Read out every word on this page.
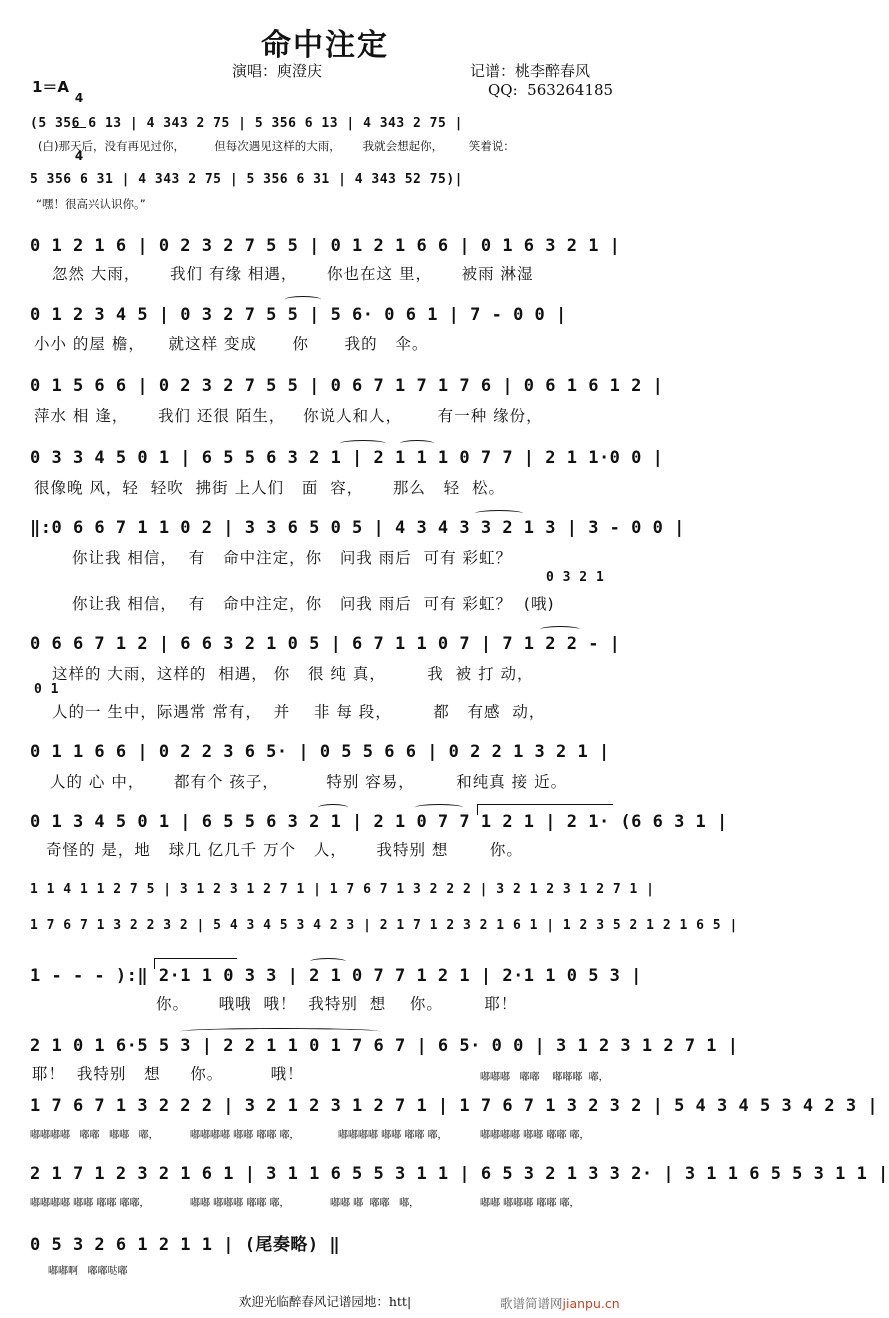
命中注定
演唱：庾澄庆	记谱：桃李醉春风
QQ:  563264185
1＝A

4

4

(5 356 6 13 | 4 343 2 75 | 5 356 6 13 | 4 343 2 75 |
(白)那天后，没有再见过你，        但每次遇见这样的大雨，      我就会想起你，       笑着说：
5 356 6 31 | 4 343 2 75 | 5 356 6 31 | 4 343 52 75)|
“嘿！很高兴认识你。”
0 1 2 1 6 | 0 2 3 2 7 5 5 | 0 1 2 1 6 6 | 0 1 6 3 2 1 |
忽然 大雨，     我们 有缘 相遇，     你也在这 里，     被雨 淋湿
0 1 2 3 4 5 | 0 3 2 7 5 5 | 5 6· 0 6 1 | 7 - 0 0 |
小小 的屋 檐，    就这样 变成      你      我的   伞。
0 1 5 6 6 | 0 2 3 2 7 5 5 | 0 6 7 1 7 1 7 6 | 0 6 1 6 1 2 |
萍水 相 逢，     我们 还很 陌生，   你说人和人，      有一种 缘份，
0 3 3 4 5 0 1 | 6 5 5 6 3 2 1 | 2 1 1 1 0 7 7 | 2 1 1·0 0 |
很像晚 风，轻  轻吹  拂街 上人们   面  容，     那么   轻  松。
‖:0 6 6 7 1 1 0 2 | 3 3 6 5 0 5 | 4 3 4 3 3 2 1 3 | 3 - 0 0 |
你让我 相信，  有   命中注定，你   问我 雨后  可有 彩虹？
0 3 2 1
你让我 相信，  有   命中注定，你   问我 雨后  可有 彩虹？  (哦)
0 6 6 7 1 2 | 6 6 3 2 1 0 5 | 6 7 1 1 0 7 | 7 1 2 2 - |
这样的 大雨，这样的  相遇， 你   很 纯 真，       我  被 打 动，
0 1
人的一 生中，际遇常 常有，  并    非 每 段，       都   有感  动，
0 1 1 6 6 | 0 2 2 3 6 5· | 0 5 5 6 6 | 0 2 2 1 3 2 1 |
人的 心 中，     都有个 孩子，        特别 容易，       和纯真 接 近。
0 1 3 4 5 0 1 | 6 5 5 6 3 2 1 | 2 1 0 7 7 1 2 1 | 2 1· (6 6 3 1 |
奇怪的 是，地   球几 亿几千 万个   人，     我特别 想       你。
1 1 4 1 1 2 7 5 | 3 1 2 3 1 2 7 1 | 1 7 6 7 1 3 2 2 2 | 3 2 1 2 3 1 2 7 1 |
1 7 6 7 1 3 2 2 3 2 | 5 4 3 4 5 3 4 2 3 | 2 1 7 1 2 3 2 1 6 1 | 1 2 3 5 2 1 2 1 6 5 |
1 - - - ):‖ 2·1 1 0 3 3 | 2 1 0 7 7 1 2 1 | 2·1 1 0 5 3 |
你。     哦哦  哦！  我特别  想    你。       耶！
2 1 0 1 6·5 5 3 | 2 2 1 1 0 1 7 6 7 | 6 5· 0 0 | 3 1 2 3 1 2 7 1 |
耶！  我特别   想     你。        哦！	嘟嘟嘟   嘟嘟    嘟嘟嘟  嘟，
1 7 6 7 1 3 2 2 2 | 3 2 1 2 3 1 2 7 1 | 1 7 6 7 1 3 2 3 2 | 5 4 3 4 5 3 4 2 3 |
嘟嘟嘟嘟   嘟嘟   嘟嘟   嘟，	嘟嘟嘟嘟 嘟嘟 嘟嘟 嘟，	嘟嘟嘟嘟 嘟嘟 嘟嘟 嘟，	嘟嘟嘟嘟 嘟嘟 嘟嘟 嘟，
2 1 7 1 2 3 2 1 6 1 | 3 1 1 6 5 5 3 1 1 | 6 5 3 2 1 3 3 2· | 3 1 1 6 5 5 3 1 1 |
嘟嘟嘟嘟 嘟嘟 嘟嘟 嘟嘟，	嘟嘟 嘟嘟嘟 嘟嘟 嘟，	嘟嘟 嘟  嘟嘟   嘟，	嘟嘟 嘟嘟嘟 嘟嘟 嘟，
0 5 3 2 6 1 2 1 1 | (尾奏略) ‖
嘟嘟啊   嘟嘟哒嘟
欢迎光临醉春风记谱园地：htt|	歌谱简谱网jianpu.cn
